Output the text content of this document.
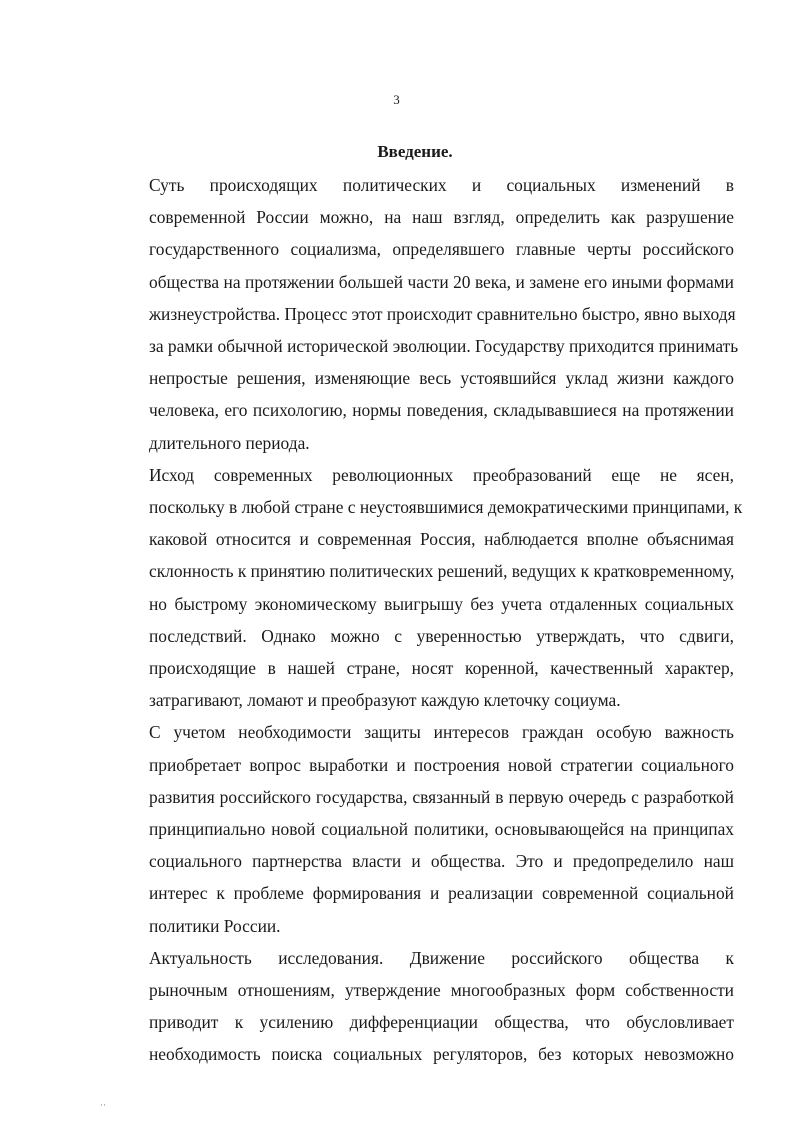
3
Введение.
Суть происходящих политических и социальных изменений в
современной России можно, на наш взгляд, определить как разрушение
государственного социализма, определявшего главные черты российского
общества на протяжении большей части 20 века, и замене его иными формами
жизнеустройства. Процесс этот происходит сравнительно быстро, явно выходя
за рамки обычной исторической эволюции. Государству приходится принимать
непростые решения, изменяющие весь устоявшийся уклад жизни каждого
человека, его психологию, нормы поведения, складывавшиеся на протяжении
длительного периода.
Исход современных революционных преобразований еще не ясен,
поскольку в любой стране с неустоявшимися демократическими принципами, к
каковой относится и современная Россия, наблюдается вполне объяснимая
склонность к принятию политических решений, ведущих к кратковременному,
но быстрому экономическому выигрышу без учета отдаленных социальных
последствий. Однако можно с уверенностью утверждать, что сдвиги,
происходящие в нашей стране, носят коренной, качественный характер,
затрагивают, ломают и преобразуют каждую клеточку социума.
С учетом необходимости защиты интересов граждан особую важность
приобретает вопрос выработки и построения новой стратегии социального
развития российского государства, связанный в первую очередь с разработкой
принципиально новой социальной политики, основывающейся на принципах
социального партнерства власти и общества. Это и предопределило наш
интерес к проблеме формирования и реализации современной социальной
политики России.
Актуальность исследования. Движение российского общества к
рыночным отношениям, утверждение многообразных форм собственности
приводит к усилению дифференциации общества, что обусловливает
необходимость поиска социальных регуляторов, без которых невозможно
··
